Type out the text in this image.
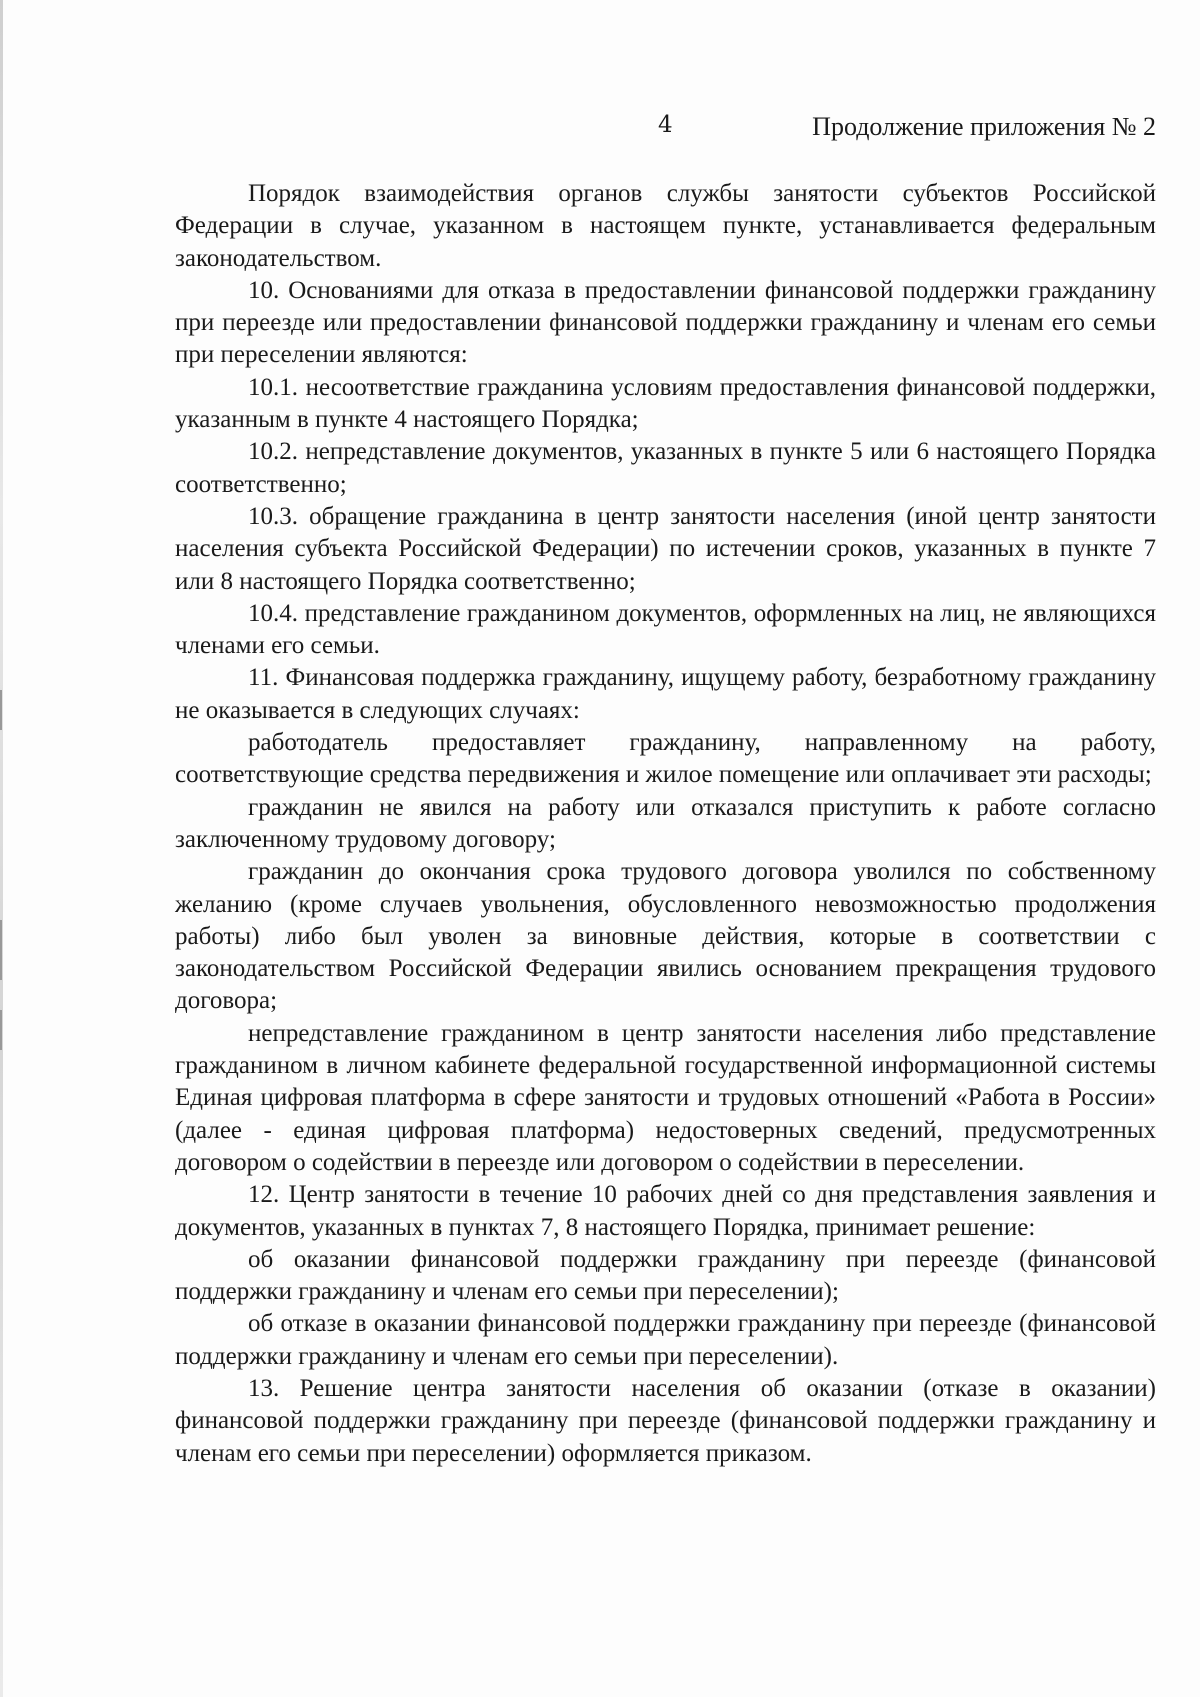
4	Продолжение приложения № 2

Порядок взаимодействия органов службы занятости субъектов Российской Федерации в случае, указанном в настоящем пункте, устанавливается федеральным законодательством.

10. Основаниями для отказа в предоставлении финансовой поддержки гражданину при переезде или предоставлении финансовой поддержки гражданину и членам его семьи при переселении являются:

10.1. несоответствие гражданина условиям предоставления финансовой поддержки, указанным в пункте 4 настоящего Порядка;

10.2. непредставление документов, указанных в пункте 5 или 6 настоящего Порядка соответственно;

10.3. обращение гражданина в центр занятости населения (иной центр занятости населения субъекта Российской Федерации) по истечении сроков, указанных в пункте 7 или 8 настоящего Порядка соответственно;

10.4. представление гражданином документов, оформленных на лиц, не являющихся членами его семьи.

11. Финансовая поддержка гражданину, ищущему работу, безработному гражданину не оказывается в следующих случаях:

работодатель предоставляет гражданину, направленному на работу, соответствующие средства передвижения и жилое помещение или оплачивает эти расходы;

гражданин не явился на работу или отказался приступить к работе согласно заключенному трудовому договору;

гражданин до окончания срока трудового договора уволился по собственному желанию (кроме случаев увольнения, обусловленного невозможностью продолжения работы) либо был уволен за виновные действия, которые в соответствии с законодательством Российской Федерации явились основанием прекращения трудового договора;

непредставление гражданином в центр занятости населения либо представление гражданином в личном кабинете федеральной государственной информационной системы Единая цифровая платформа в сфере занятости и трудовых отношений «Работа в России» (далее - единая цифровая платформа) недостоверных сведений, предусмотренных договором о содействии в переезде или договором о содействии в переселении.

12. Центр занятости в течение 10 рабочих дней со дня представления заявления и документов, указанных в пунктах 7, 8 настоящего Порядка, принимает решение:

об оказании финансовой поддержки гражданину при переезде (финансовой поддержки гражданину и членам его семьи при переселении);

об отказе в оказании финансовой поддержки гражданину при переезде (финансовой поддержки гражданину и членам его семьи при переселении).

13. Решение центра занятости населения об оказании (отказе в оказании) финансовой поддержки гражданину при переезде (финансовой поддержки гражданину и членам его семьи при переселении) оформляется приказом.
